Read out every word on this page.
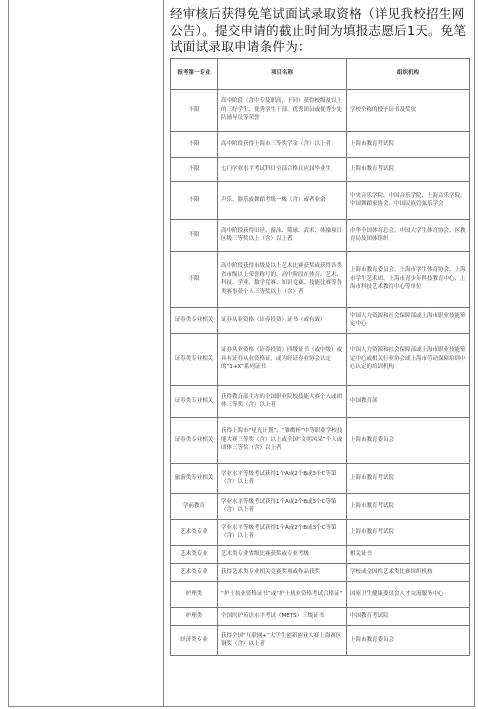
经审核后获得免笔试面试录取资格（详见我校招生网公告）。提交申请的截止时间为填报志愿后1天。免笔试面试录取申请条件为：
报考第一专业	项目名称	组织机构
不限	高中阶段（含中专及职高，下同）获得校级及以上的三好学生、优秀学生干部、优秀团员或优秀少先队辅导员等荣誉	学校全称的授予证书及奖状
不限	高中阶段获得上海市三等奖学金（含）以上者	上海市教育考试院
不限	七门学业水平考试科目全部合格且应届毕业生	上海市教育考试院
不限	声乐、器乐或舞蹈考级一级（含）或者业余	中央音乐学院、中国音乐学院、上海音乐学院、中国舞蹈家协会、中国民族管弦乐学会
不限	高中阶段获得田径、游泳、篮球、武术、体操项目区级三等奖以上（含）以上者	中华全国体育总会、中国大学生体育协会、区教育局及团体组织
不限	高中阶段获得市级及以上艺术比赛获奖或获得各类省市级以上荣誉称号的、高中阶段在体育、艺术、科技、学业、数学竞赛、知识竞赛、技能比赛等各类赛事获个人三等奖以上（含）者	上海市教育委员会、上海市学生体育协会、上海市学生艺术团、上海市青少年科技教育中心、上海市科技艺术教育中心等单位
证券类专业相关	证券从业资格（证券投资）证书（或有效）	中国人力资源和社会保障部或上海市职业技能鉴定中心
证券类专业相关	证券从业资格（证券投资）四级证书（或中级）或具有证券从业资格证，或为经证券业协会认定的“1+X”系列证书	中国人力资源和社会保障部或上海市职业技能鉴定中心或相关行业协会或上海市劳动保障培训中心认定的培训机构
证券类专业相关	获得教育部主办的全国职业院校技能大赛个人或团体三等奖（含）以上者	中国教育部
证券类专业相关	获得上海市“星光计划”、“雏鹰杯”中等职业学校技能大赛三等奖（含）以上或全国“文明风采”个人或团体三等奖（含）以上者	上海市教育委员会
旅游类专业相关	学业水平等级考试获得1个A或2个B或3个C等第（含）以上者	上海市教育考试院
学前教育	学业水平等级考试获得1个A或2个B或3个C等第（含）以上者	上海市教育考试院
艺术类专业	学业水平等级考试获得1个A或2个B或3个C等第（含）以上者	上海市教育考试院
艺术类专业	艺术类专业省级比赛获奖或专业考级	相关证书
艺术类专业	获得艺术类专业相关竞赛奖项或作品获奖	学校或全国性艺术类比赛组织机构
护理类	“护士执业资格证书”或“护士执业资格考试合格证”	国家卫生健康委员会人才交流服务中心
护理类	全国医护英语水平考试（METS）三级证书	中国教育考试院
经济类专业	获得全国“互联网+”大学生创新创业大赛上海赛区铜奖（含）以上者	上海市教育委员会
